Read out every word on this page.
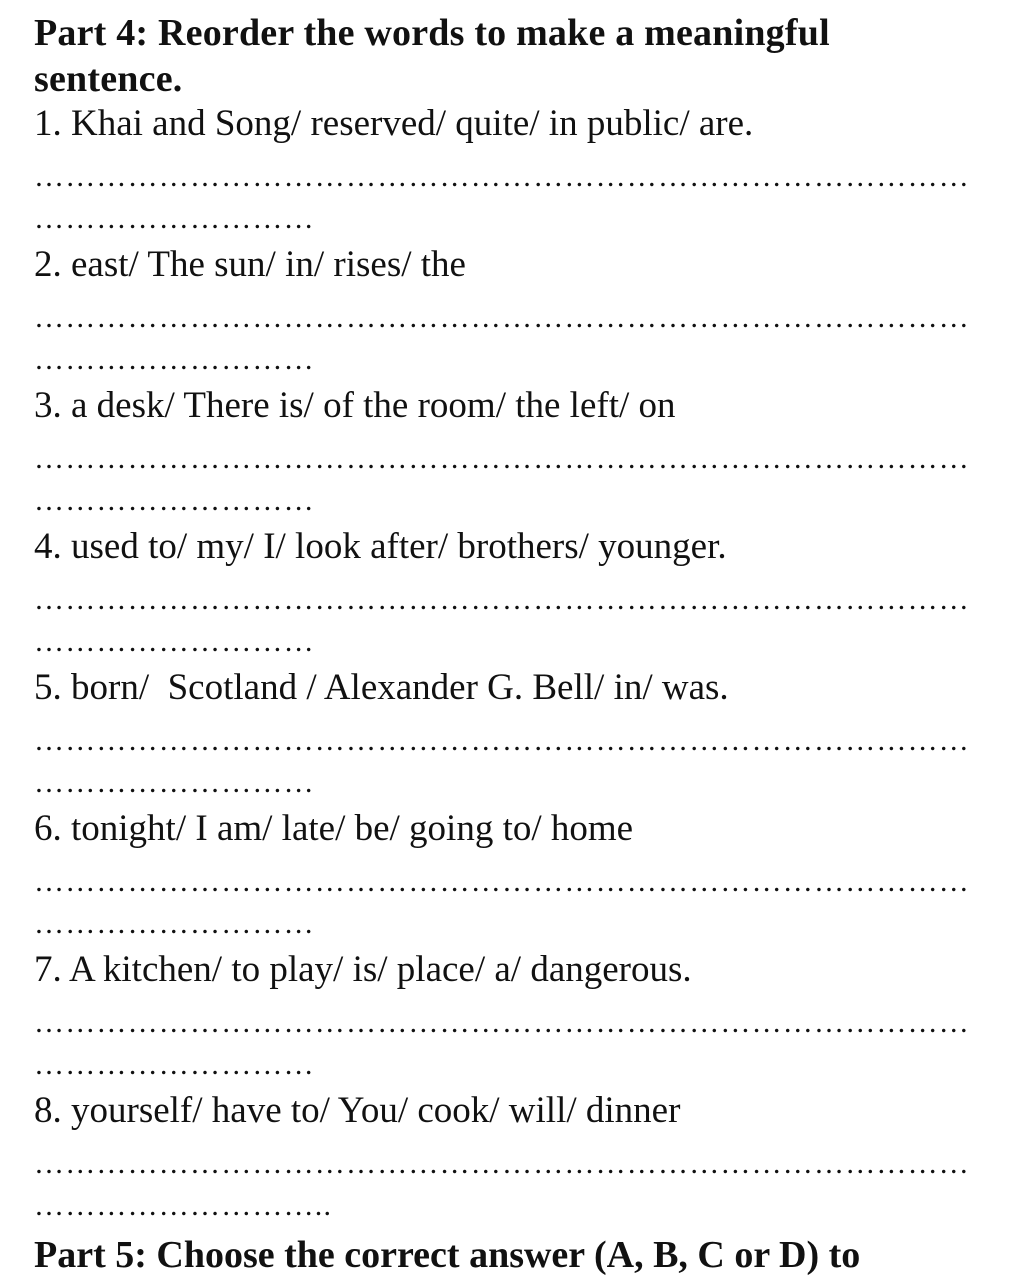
Part 4: Reorder the words to make a meaningful
sentence.
1. Khai and Song/ reserved/ quite/ in public/ are.
………………………………………………………………………………
………………………
2. east/ The sun/ in/ rises/ the
………………………………………………………………………………
………………………
3. a desk/ There is/ of the room/ the left/ on
………………………………………………………………………………
………………………
4. used to/ my/ I/ look after/ brothers/ younger.
………………………………………………………………………………
………………………
5. born/  Scotland / Alexander G. Bell/ in/ was.
………………………………………………………………………………
………………………
6. tonight/ I am/ late/ be/ going to/ home
………………………………………………………………………………
………………………
7. A kitchen/ to play/ is/ place/ a/ dangerous.
………………………………………………………………………………
………………………
8. yourself/ have to/ You/ cook/ will/ dinner
………………………………………………………………………………
………………………..
Part 5: Choose the correct answer (A, B, C or D) to
